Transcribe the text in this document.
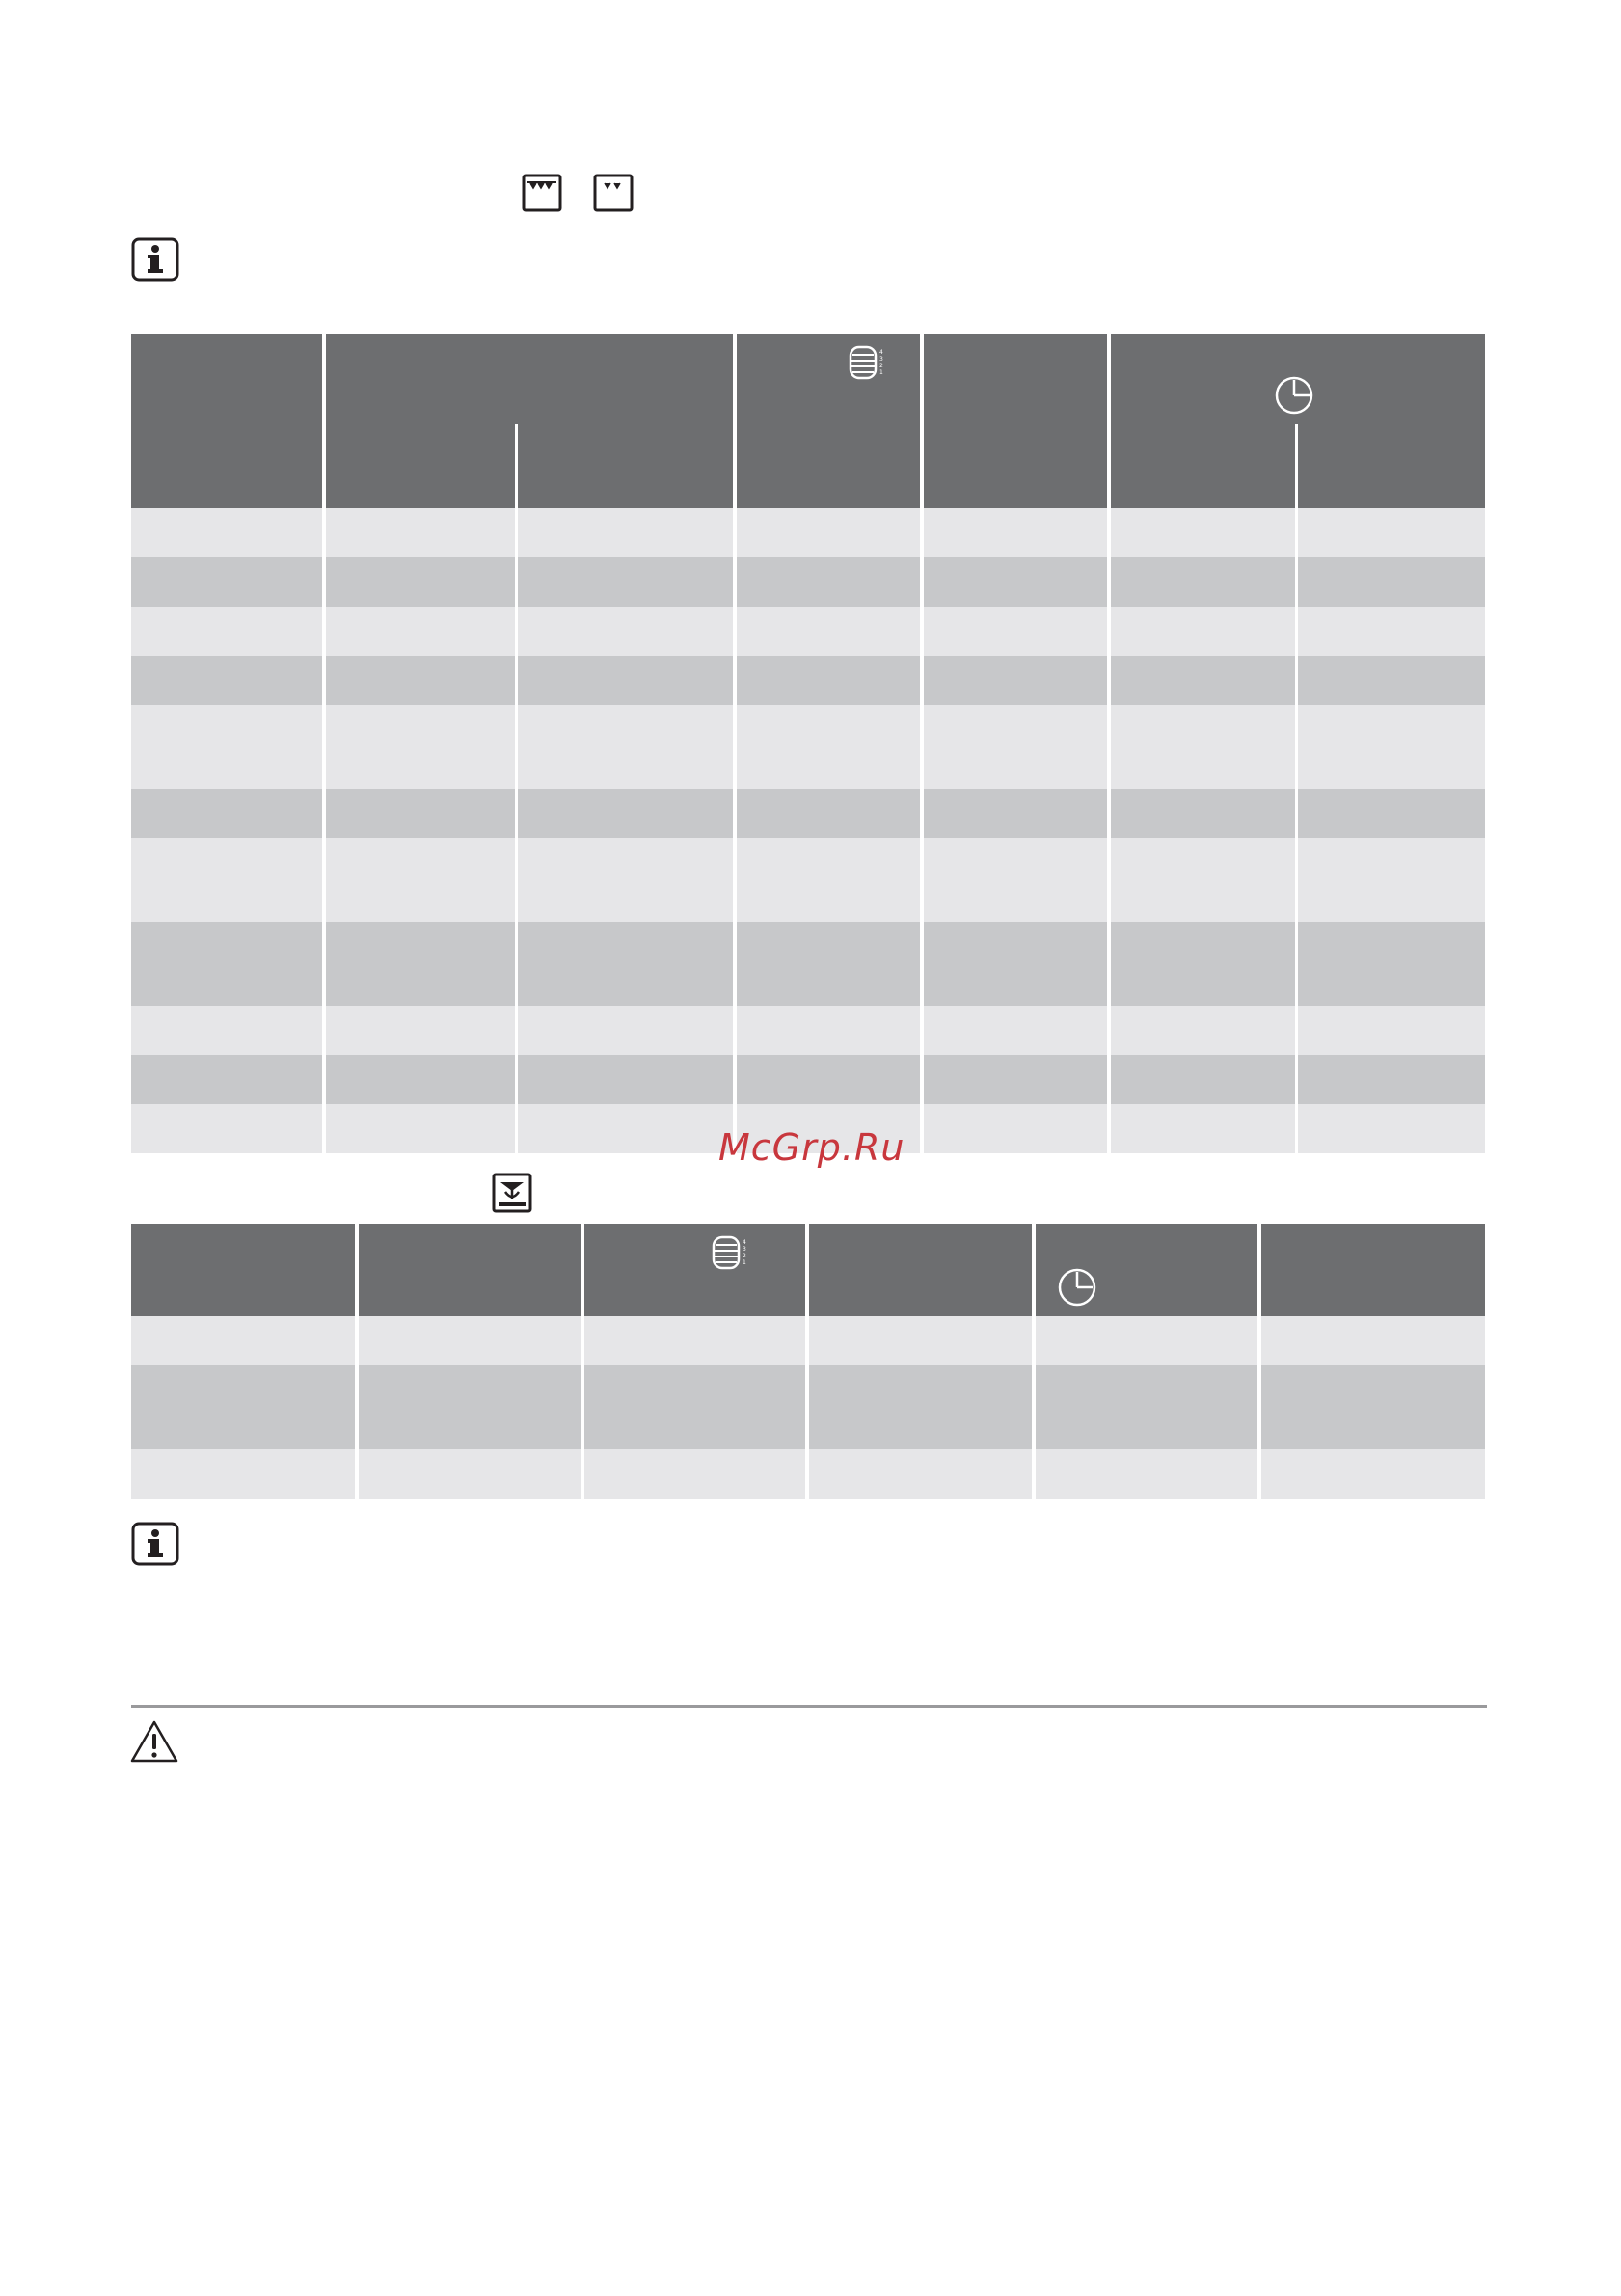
4
3
2
1
McGrp.Ru
4
3
2
1
